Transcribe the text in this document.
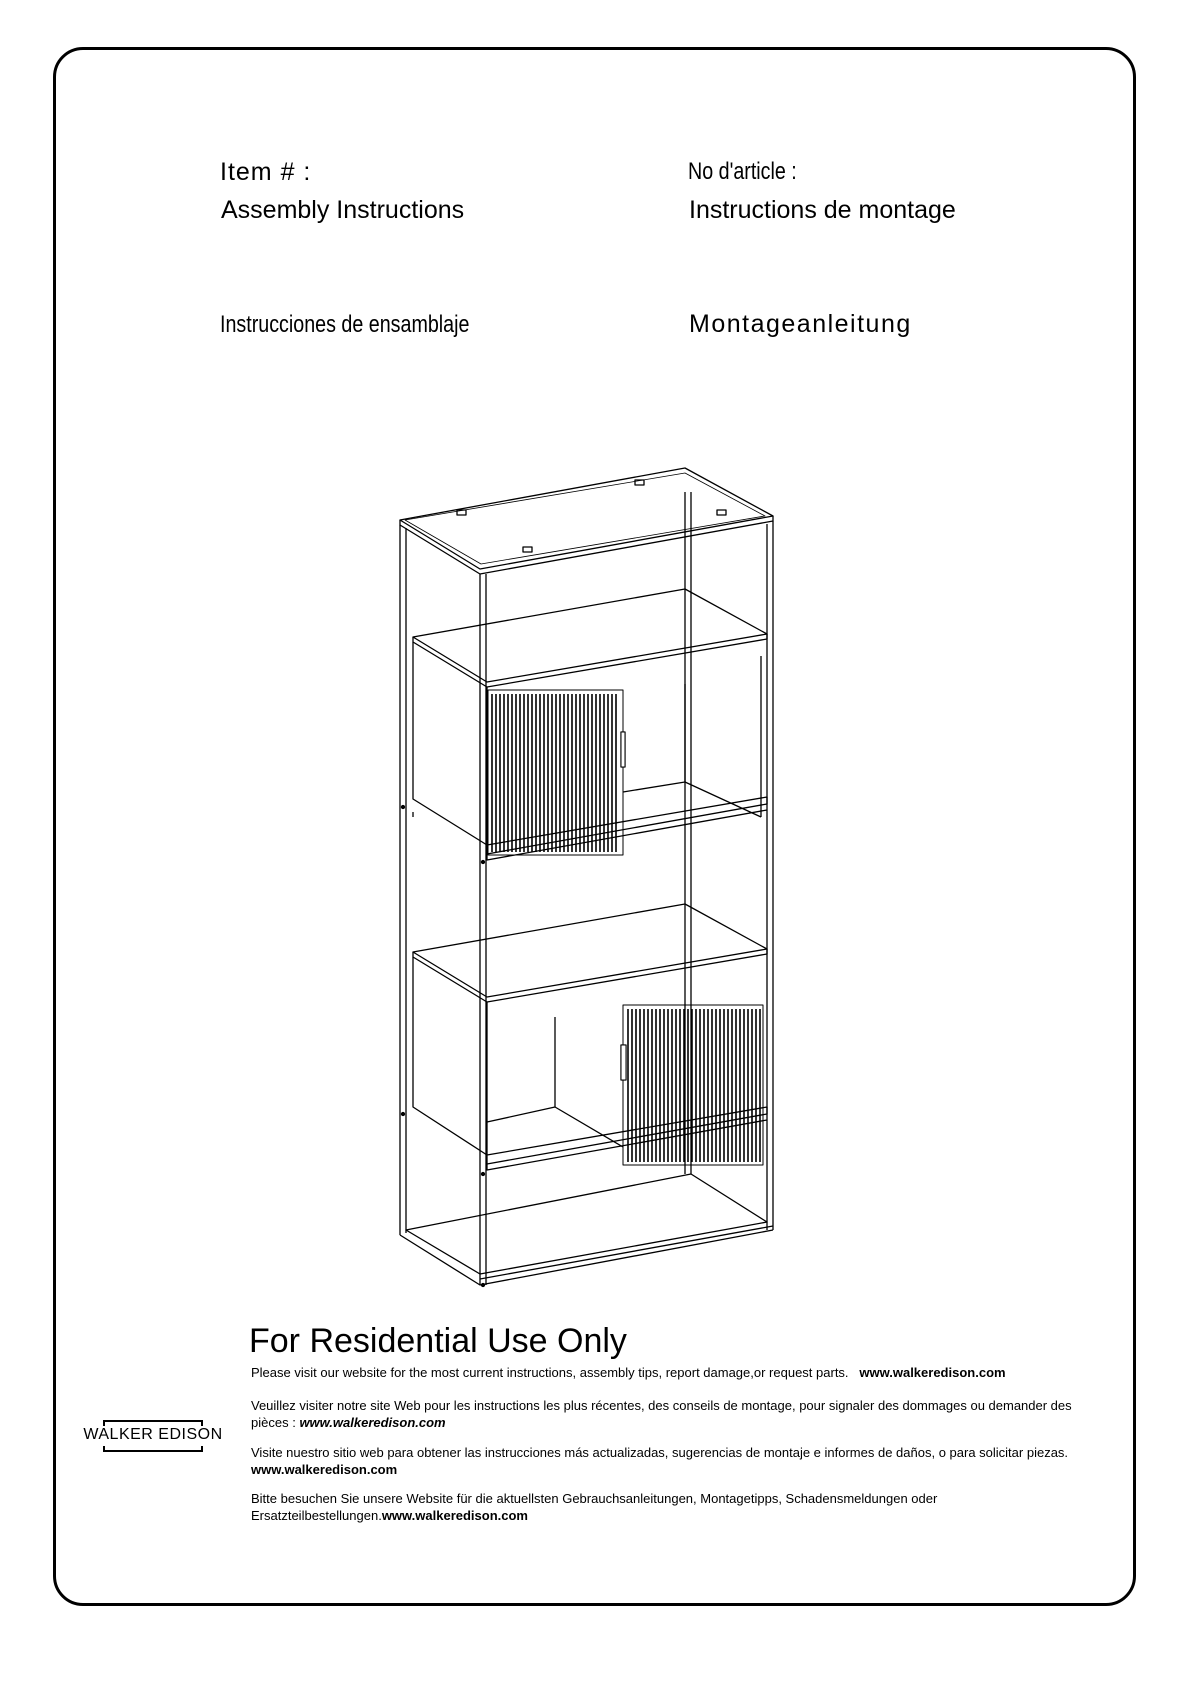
Item # :
Assembly Instructions
No d'article :
Instructions de montage
Instrucciones de ensamblaje	Montageanleitung
For Residential Use Only

Please visit our website for the most current instructions, assembly tips, report damage,or request parts. www.walkeredison.com

Veuillez visiter notre site Web pour les instructions les plus récentes, des conseils de montage, pour signaler des dommages ou demander des pièces : www.walkeredison.com

Visite nuestro sitio web para obtener las instrucciones más actualizadas, sugerencias de montaje e informes de daños, o para solicitar piezas. www.walkeredison.com

Bitte besuchen Sie unsere Website für die aktuellsten Gebrauchsanleitungen, Montagetipps, Schadensmeldungen oder Ersatzteilbestellungen.www.walkeredison.com

WALKER EDISON
